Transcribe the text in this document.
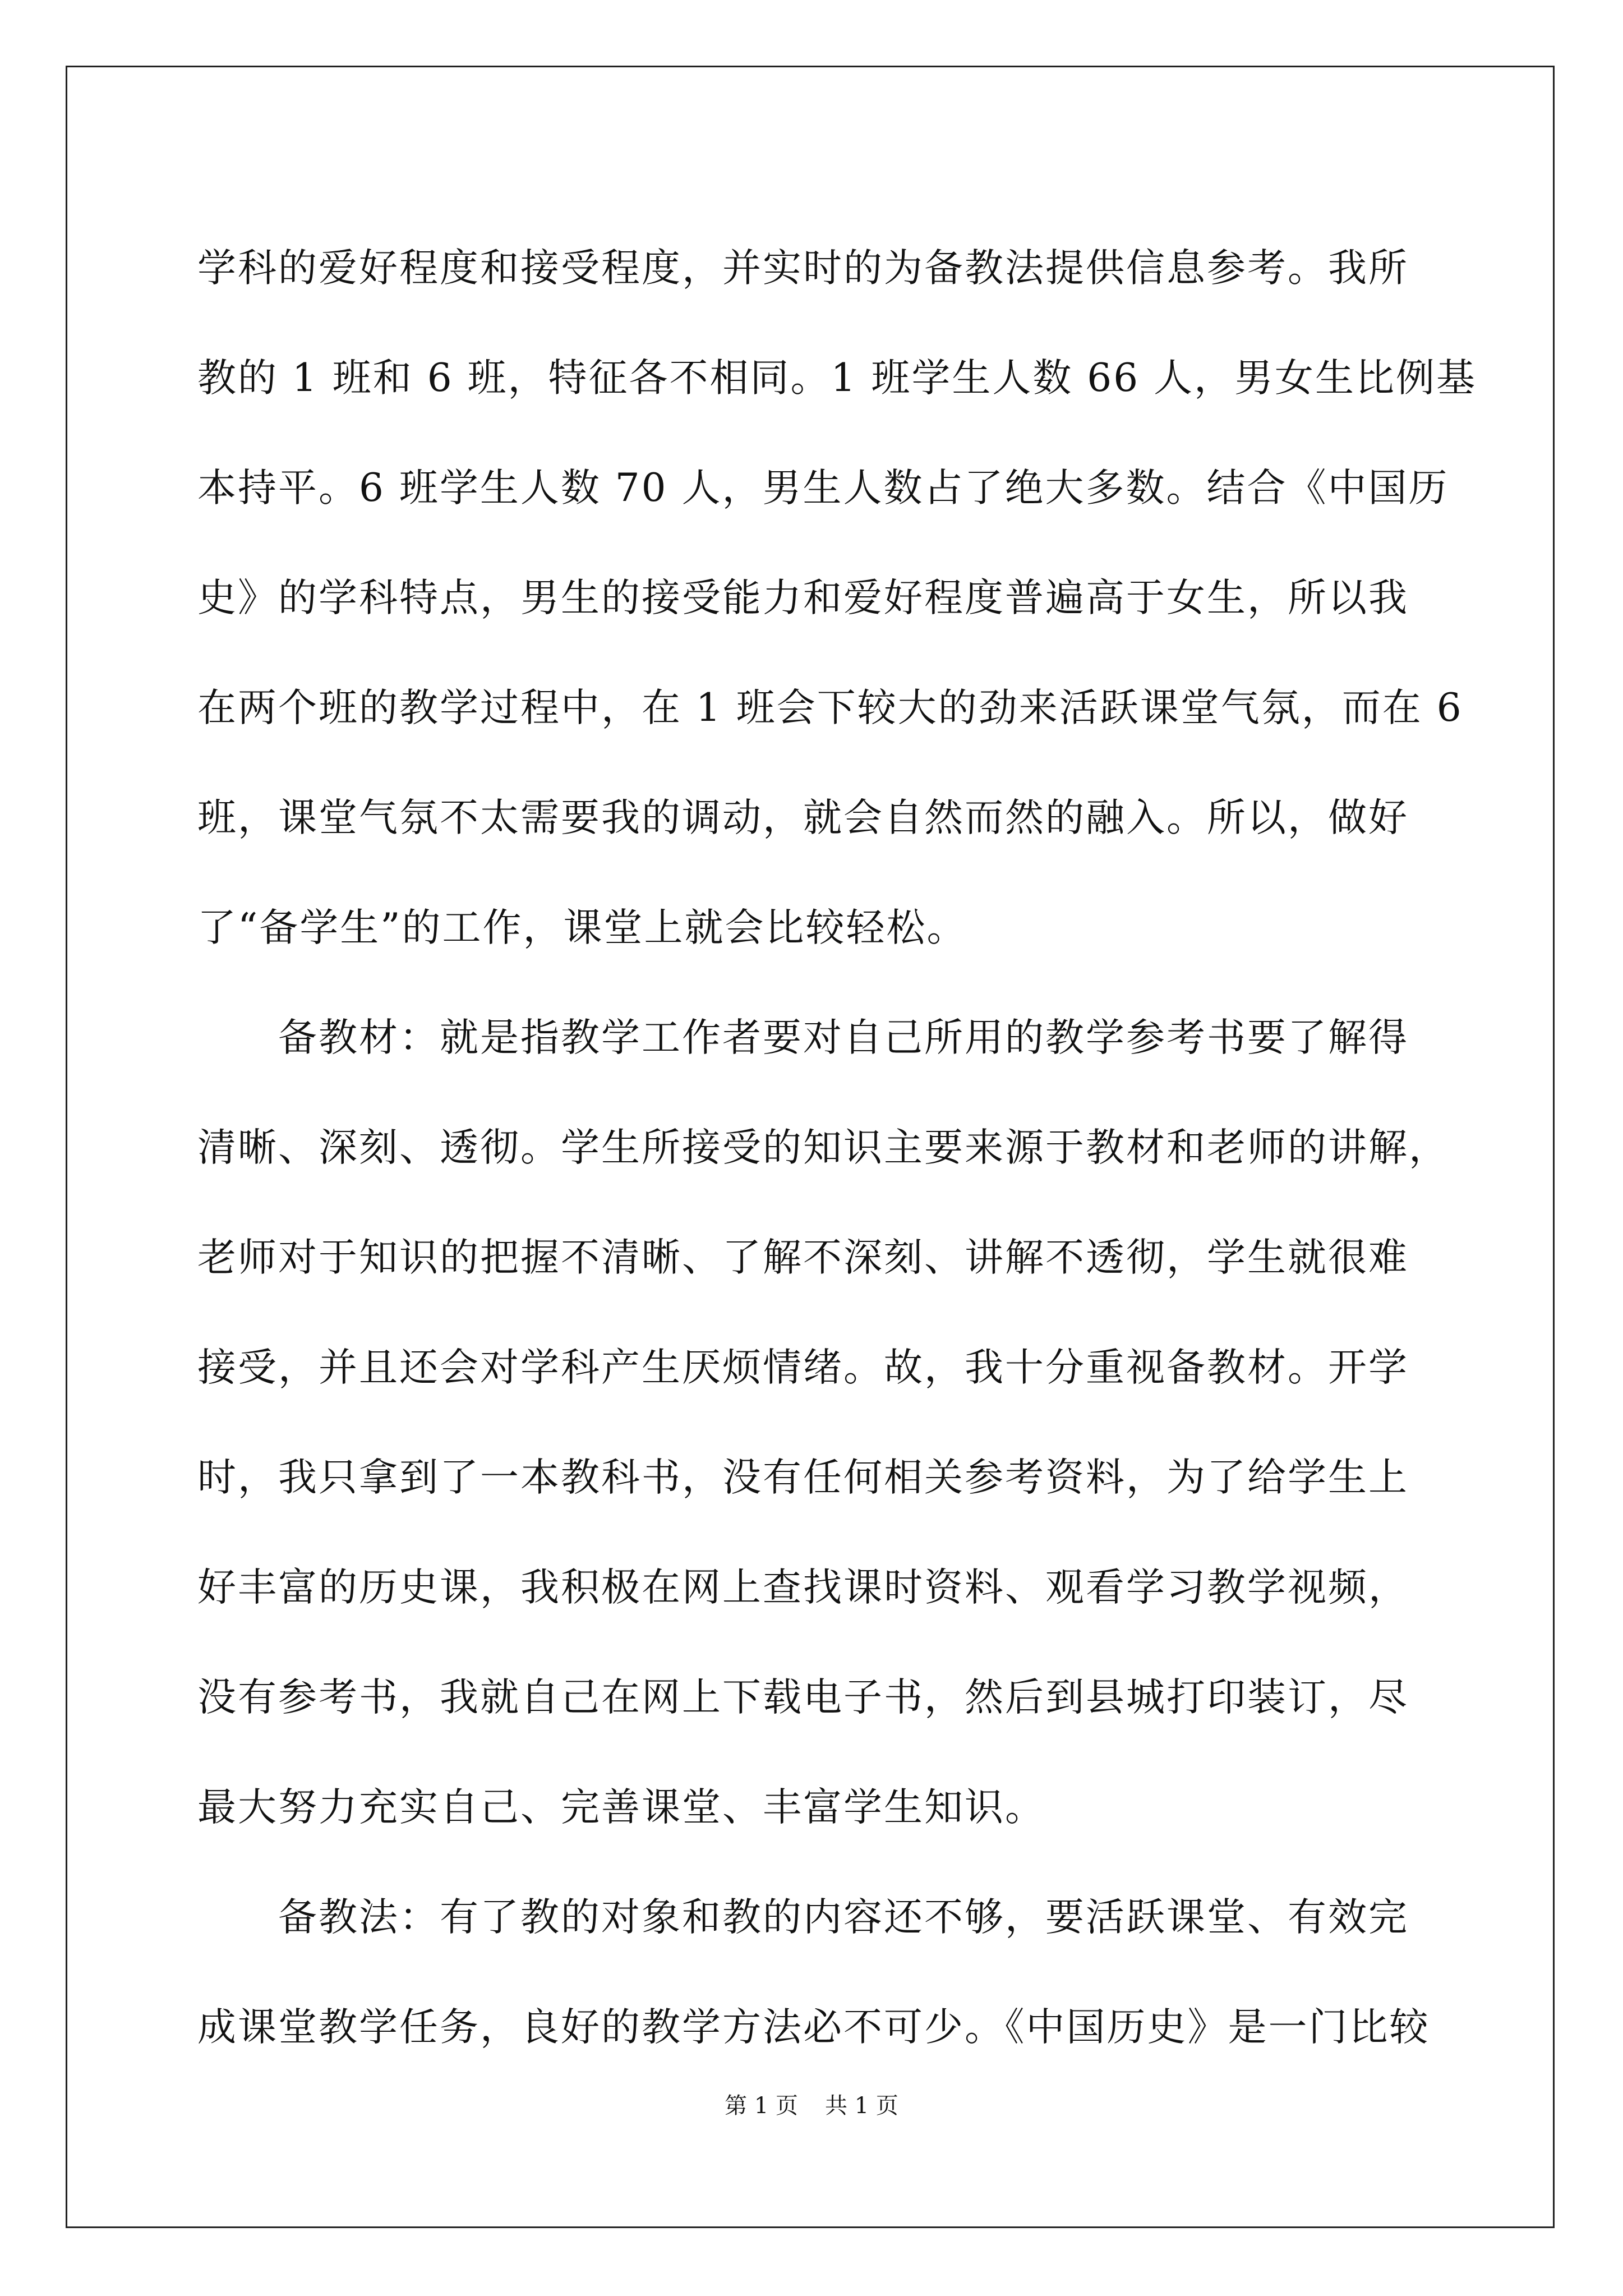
学科的爱好程度和接受程度，并实时的为备教法提供信息参考。我所
教的 1 班和 6 班，特征各不相同。1 班学生人数 66 人，男女生比例基
本持平。6 班学生人数 70 人，男生人数占了绝大多数。结合《中国历
史》的学科特点，男生的接受能力和爱好程度普遍高于女生，所以我
在两个班的教学过程中，在 1 班会下较大的劲来活跃课堂气氛，而在 6
班，课堂气氛不太需要我的调动，就会自然而然的融入。所以，做好
了“备学生”的工作，课堂上就会比较轻松。
　　备教材：就是指教学工作者要对自己所用的教学参考书要了解得
清晰、深刻、透彻。学生所接受的知识主要来源于教材和老师的讲解，
老师对于知识的把握不清晰、了解不深刻、讲解不透彻，学生就很难
接受，并且还会对学科产生厌烦情绪。故，我十分重视备教材。开学
时，我只拿到了一本教科书，没有任何相关参考资料，为了给学生上
好丰富的历史课，我积极在网上查找课时资料、观看学习教学视频，
没有参考书，我就自己在网上下载电子书，然后到县城打印装订，尽
最大努力充实自己、完善课堂、丰富学生知识。
　　备教法：有了教的对象和教的内容还不够，要活跃课堂、有效完
成课堂教学任务，良好的教学方法必不可少。《中国历史》是一门比较
第 1 页 共 1 页
